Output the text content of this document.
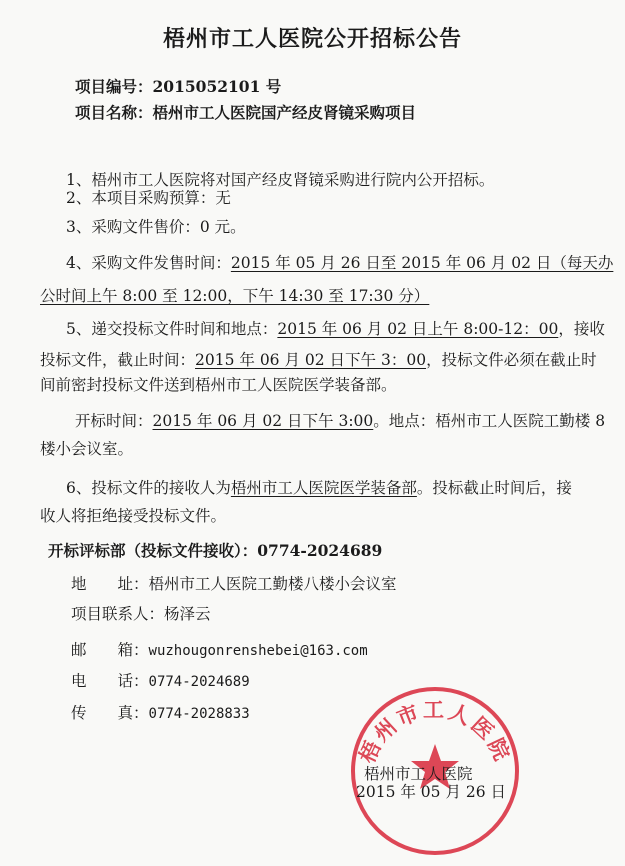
梧州市工人医院公开招标公告
项目编号：2015052101 号
项目名称：梧州市工人医院国产经皮肾镜采购项目
1、梧州市工人医院将对国产经皮肾镜采购进行院内公开招标。
2、本项目采购预算：无
3、采购文件售价：0 元。
4、采购文件发售时间：2015 年 05 月 26 日至 2015 年 06 月 02 日（每天办
公时间上午 8:00 至 12:00，下午 14:30 至 17:30 分）
5、递交投标文件时间和地点：2015 年 06 月 02 日上午 8:00-12：00，接收
投标文件，截止时间：2015 年 06 月 02 日下午 3：00，投标文件必须在截止时
间前密封投标文件送到梧州市工人医院医学装备部。
开标时间：2015 年 06 月 02 日下午 3:00。地点：梧州市工人医院工勤楼 8
楼小会议室。
6、投标文件的接收人为梧州市工人医院医学装备部。投标截止时间后，接
收人将拒绝接受投标文件。
开标评标部（投标文件接收）：0774-2024689
地　　址：梧州市工人医院工勤楼八楼小会议室
项目联系人：杨泽云
邮　　箱：wuzhougonrenshebei@163.com
电　　话：0774-2024689
传　　真：0774-2028833
梧州市工人医院
梧州市工人医院
2015 年 05 月 26 日
